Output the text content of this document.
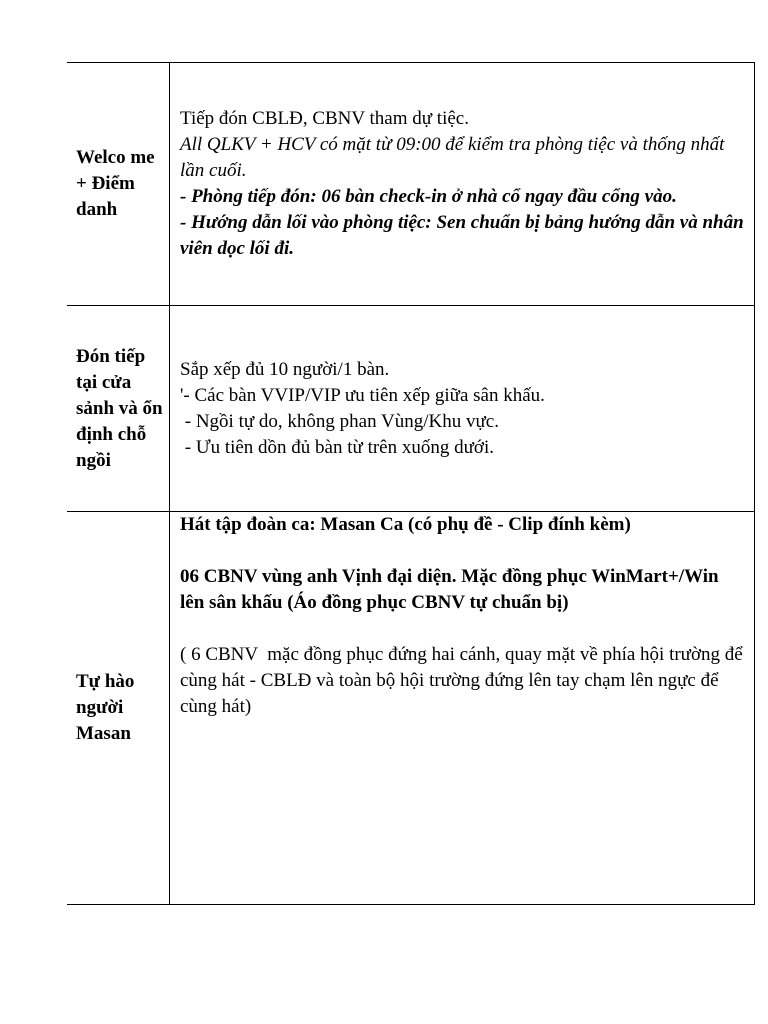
Welco me + Điểm danh	Tiếp đón CBLĐ, CBNV tham dự tiệc.
All QLKV + HCV có mặt từ 09:00 để kiểm tra phòng tiệc và thống nhất lần cuối.
- Phòng tiếp đón: 06 bàn check-in ở nhà cổ ngay đầu cổng vào.
- Hướng dẫn lối vào phòng tiệc: Sen chuẩn bị bảng hướng dẫn và nhân viên dọc lối đi.

Đón tiếp tại cửa sảnh và ổn định chỗ ngồi	Sắp xếp đủ 10 người/1 bàn.
'- Các bàn VVIP/VIP ưu tiên xếp giữa sân khấu.
- Ngồi tự do, không phan Vùng/Khu vực.
- Ưu tiên dồn đủ bàn từ trên xuống dưới.

Tự hào người Masan	Hát tập đoàn ca: Masan Ca (có phụ đề - Clip đính kèm)
06 CBNV vùng anh Vịnh đại diện. Mặc đồng phục WinMart+/Win lên sân khấu (Áo đồng phục CBNV tự chuẩn bị)
( 6 CBNV  mặc đồng phục đứng hai cánh, quay mặt về phía hội trường để cùng hát - CBLĐ và toàn bộ hội trường đứng lên tay chạm lên ngực để cùng hát)
